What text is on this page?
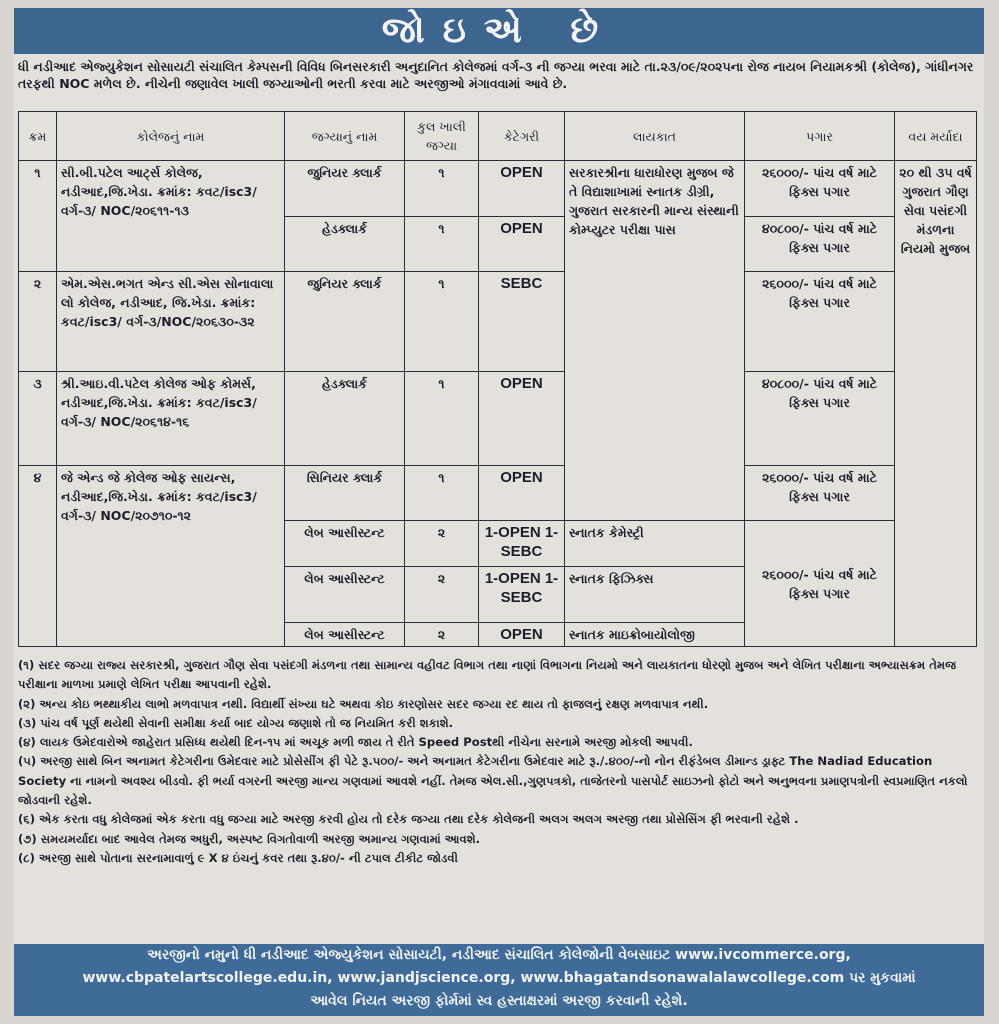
જોઇએ છે
ધી નડીઆદ એજ્યુકેશન સોસાયટી સંચાલિત કેમ્પસની વિવિધ બિનસરકારી અનુદાનિત કોલેજમાં વર્ગ-૩ ની જગ્યા ભરવા માટે તા.૨૩/૦૯/૨૦૨૫ના રોજ નાયબ નિયામકશ્રી (કોલેજ), ગાંધીનગર તરફથી NOC મળેલ છે. નીચેની જણાવેલ ખાલી જગ્યાઓની ભરતી કરવા માટે અરજીઓ મંગાવવામાં આવે છે.
ક્રમ	કોલેજનું નામ	જગ્યાનું નામ	કુલ ખાલી જગ્યા	કેટેગરી	લાયકાત	પગાર	વય મર્યાદા
૧	સી.બી.પટેલ આર્ટ્સ કોલેજ, નડીઆદ,જિ.ખેડા. ક્રમાંક: કવટ/isc3/વર્ગ-૩/ NOC/૨૦૬૧૧-૧૩	જુનિયર ક્લાર્ક	૧	OPEN	સરકારશ્રીના ધારાધોરણ મુજબ જે તે વિદ્યાશાખામાં સ્નાતક ડીગ્રી, ગુજરાત સરકારની માન્ય સંસ્થાની કોમ્પ્યુટર પરીક્ષા પાસ	૨૬૦૦૦/- પાંચ વર્ષ માટે ફિક્સ પગાર	૨૦ થી ૩૫ વર્ષ ગુજરાત ગૌણ સેવા પસંદગી મંડળના નિયમો મુજબ
		હેડક્લાર્ક	૧	OPEN		૪૦૮૦૦/- પાંચ વર્ષ માટે ફિક્સ પગાર	
૨	એમ.એસ.ભગત એન્ડ સી.એસ સોનાવાલા લો કોલેજ, નડીઆદ, જિ.ખેડા. ક્રમાંક: કવટ/isc3/ વર્ગ-૩/NOC/૨૦૬૩૦-૩૨	જુનિયર ક્લાર્ક	૧	SEBC		૨૬૦૦૦/- પાંચ વર્ષ માટે ફિક્સ પગાર	
૩	શ્રી.આઇ.વી.પટેલ કોલેજ ઓફ કોમર્સ, નડીઆદ,જિ.ખેડા. ક્રમાંક: કવટ/isc3/વર્ગ-૩/ NOC/૨૦૬૧૪-૧૬	હેડક્લાર્ક	૧	OPEN		૪૦૮૦૦/- પાંચ વર્ષ માટે ફિક્સ પગાર	
૪	જે એન્ડ જે કોલેજ ઓફ સાયન્સ, નડીઆદ,જિ.ખેડા. ક્રમાંક: કવટ/isc3/વર્ગ-૩/ NOC/૨૦૭૧૦-૧૨	સિનિયર ક્લાર્ક	૧	OPEN		૨૬૦૦૦/- પાંચ વર્ષ માટે ફિક્સ પગાર	
		લેબ આસીસ્ટન્ટ	૨	1-OPEN 1-SEBC	સ્નાતક કેમેસ્ટ્રી	૨૬૦૦૦/- પાંચ વર્ષ માટે ફિક્સ પગાર	
		લેબ આસીસ્ટન્ટ	૨	1-OPEN 1-SEBC	સ્નાતક ફિઝિક્સ		
		લેબ આસીસ્ટન્ટ	૨	OPEN	સ્નાતક માઇક્રોબાયોલોજી		
(૧) સદર જગ્યા રાજ્ય સરકારશ્રી, ગુજરાત ગૌણ સેવા પસંદગી મંડળના તથા સામાન્ય વહીવટ વિભાગ તથા નાણાં વિભાગના નિયમો અને લાયકાતના ધોરણો મુજબ અને લેખિત પરીક્ષાના અભ્યાસક્રમ તેમજ પરીક્ષાના માળખા પ્રમાણે લેખિત પરીક્ષા આપવાની રહેશે.
(૨) અન્ય કોઇ ભથ્થાકીય લાભો મળવાપાત્ર નથી. વિદ્યાર્થી સંખ્યા ઘટે અથવા કોઇ કારણોસર સદર જગ્યા રદ થાય તો ફાજલનું રક્ષણ મળવાપાત્ર નથી.
(૩) પાંચ વર્ષ પૂર્ણ થયેથી સેવાની સમીક્ષા કર્યા બાદ યોગ્ય જણાશે તો જ નિયમિત કરી શકાશે.
(૪) લાયક ઉમેદવારોએ જાહેરાત પ્રસિધ્ધ થયેથી દિન-૧૫ માં અચૂક મળી જાય તે રીતે Speed Postથી નીચેના સરનામે અરજી મોકલી આપવી.
(૫) અરજી સાથે બિન અનામત કેટેગરીના ઉમેદવાર માટે પ્રોસેસીંગ ફી પેટે રૂ.૫૦૦/- અને અનામત કેટેગરીના ઉમેદવાર માટે રૂ./.૪૦૦/-નો નોન રીફંડેબલ ડીમાન્ડ ડ્રાફ્ટ The Nadiad Education Society ના નામનો અવશ્ય બીડવો. ફી ભર્યા વગરની અરજી માન્ય ગણવામાં આવશે નહીં. તેમજ એલ.સી.,ગુણપત્રકો, તાજેતરનો પાસપોર્ટ સાઇઝનો ફોટો અને અનુભવના પ્રમાણપત્રોની સ્વપ્રમાણિત નકલો જોડવાની રહેશે.
(૬) એક કરતા વધુ કોલેજમાં એક કરતા વધુ જગ્યા માટે અરજી કરવી હોય તો દરેક જગ્યા તથા દરેક કોલેજની અલગ અલગ અરજી તથા પ્રોસેસિંગ ફી ભરવાની રહેશે .
(૭) સમયમર્યાદા બાદ આવેલ તેમજ અધુરી, અસ્પષ્ટ વિગતોવાળી અરજી અમાન્ય ગણવામાં આવશે.
(૮) અરજી સાથે પોતાના સરનામાવાળું ૯ X ૪ ઇંચનું કવર તથા રૂ.૪૦/- ની ટપાલ ટીકીટ જોડવી
અરજીનો નમુનો ધી નડીઆદ એજ્યુકેશન સોસાયટી, નડીઆદ સંચાલિત કોલેજોની વેબસાઇટ www.ivcommerce.org,
www.cbpatelartscollege.edu.in, www.jandjscience.org, www.bhagatandsonawalalawcollege.com પર મુકવામાં
આવેલ નિયત અરજી ફોર્મમાં સ્વ હસ્તાક્ષરમાં અરજી કરવાની રહેશે.
